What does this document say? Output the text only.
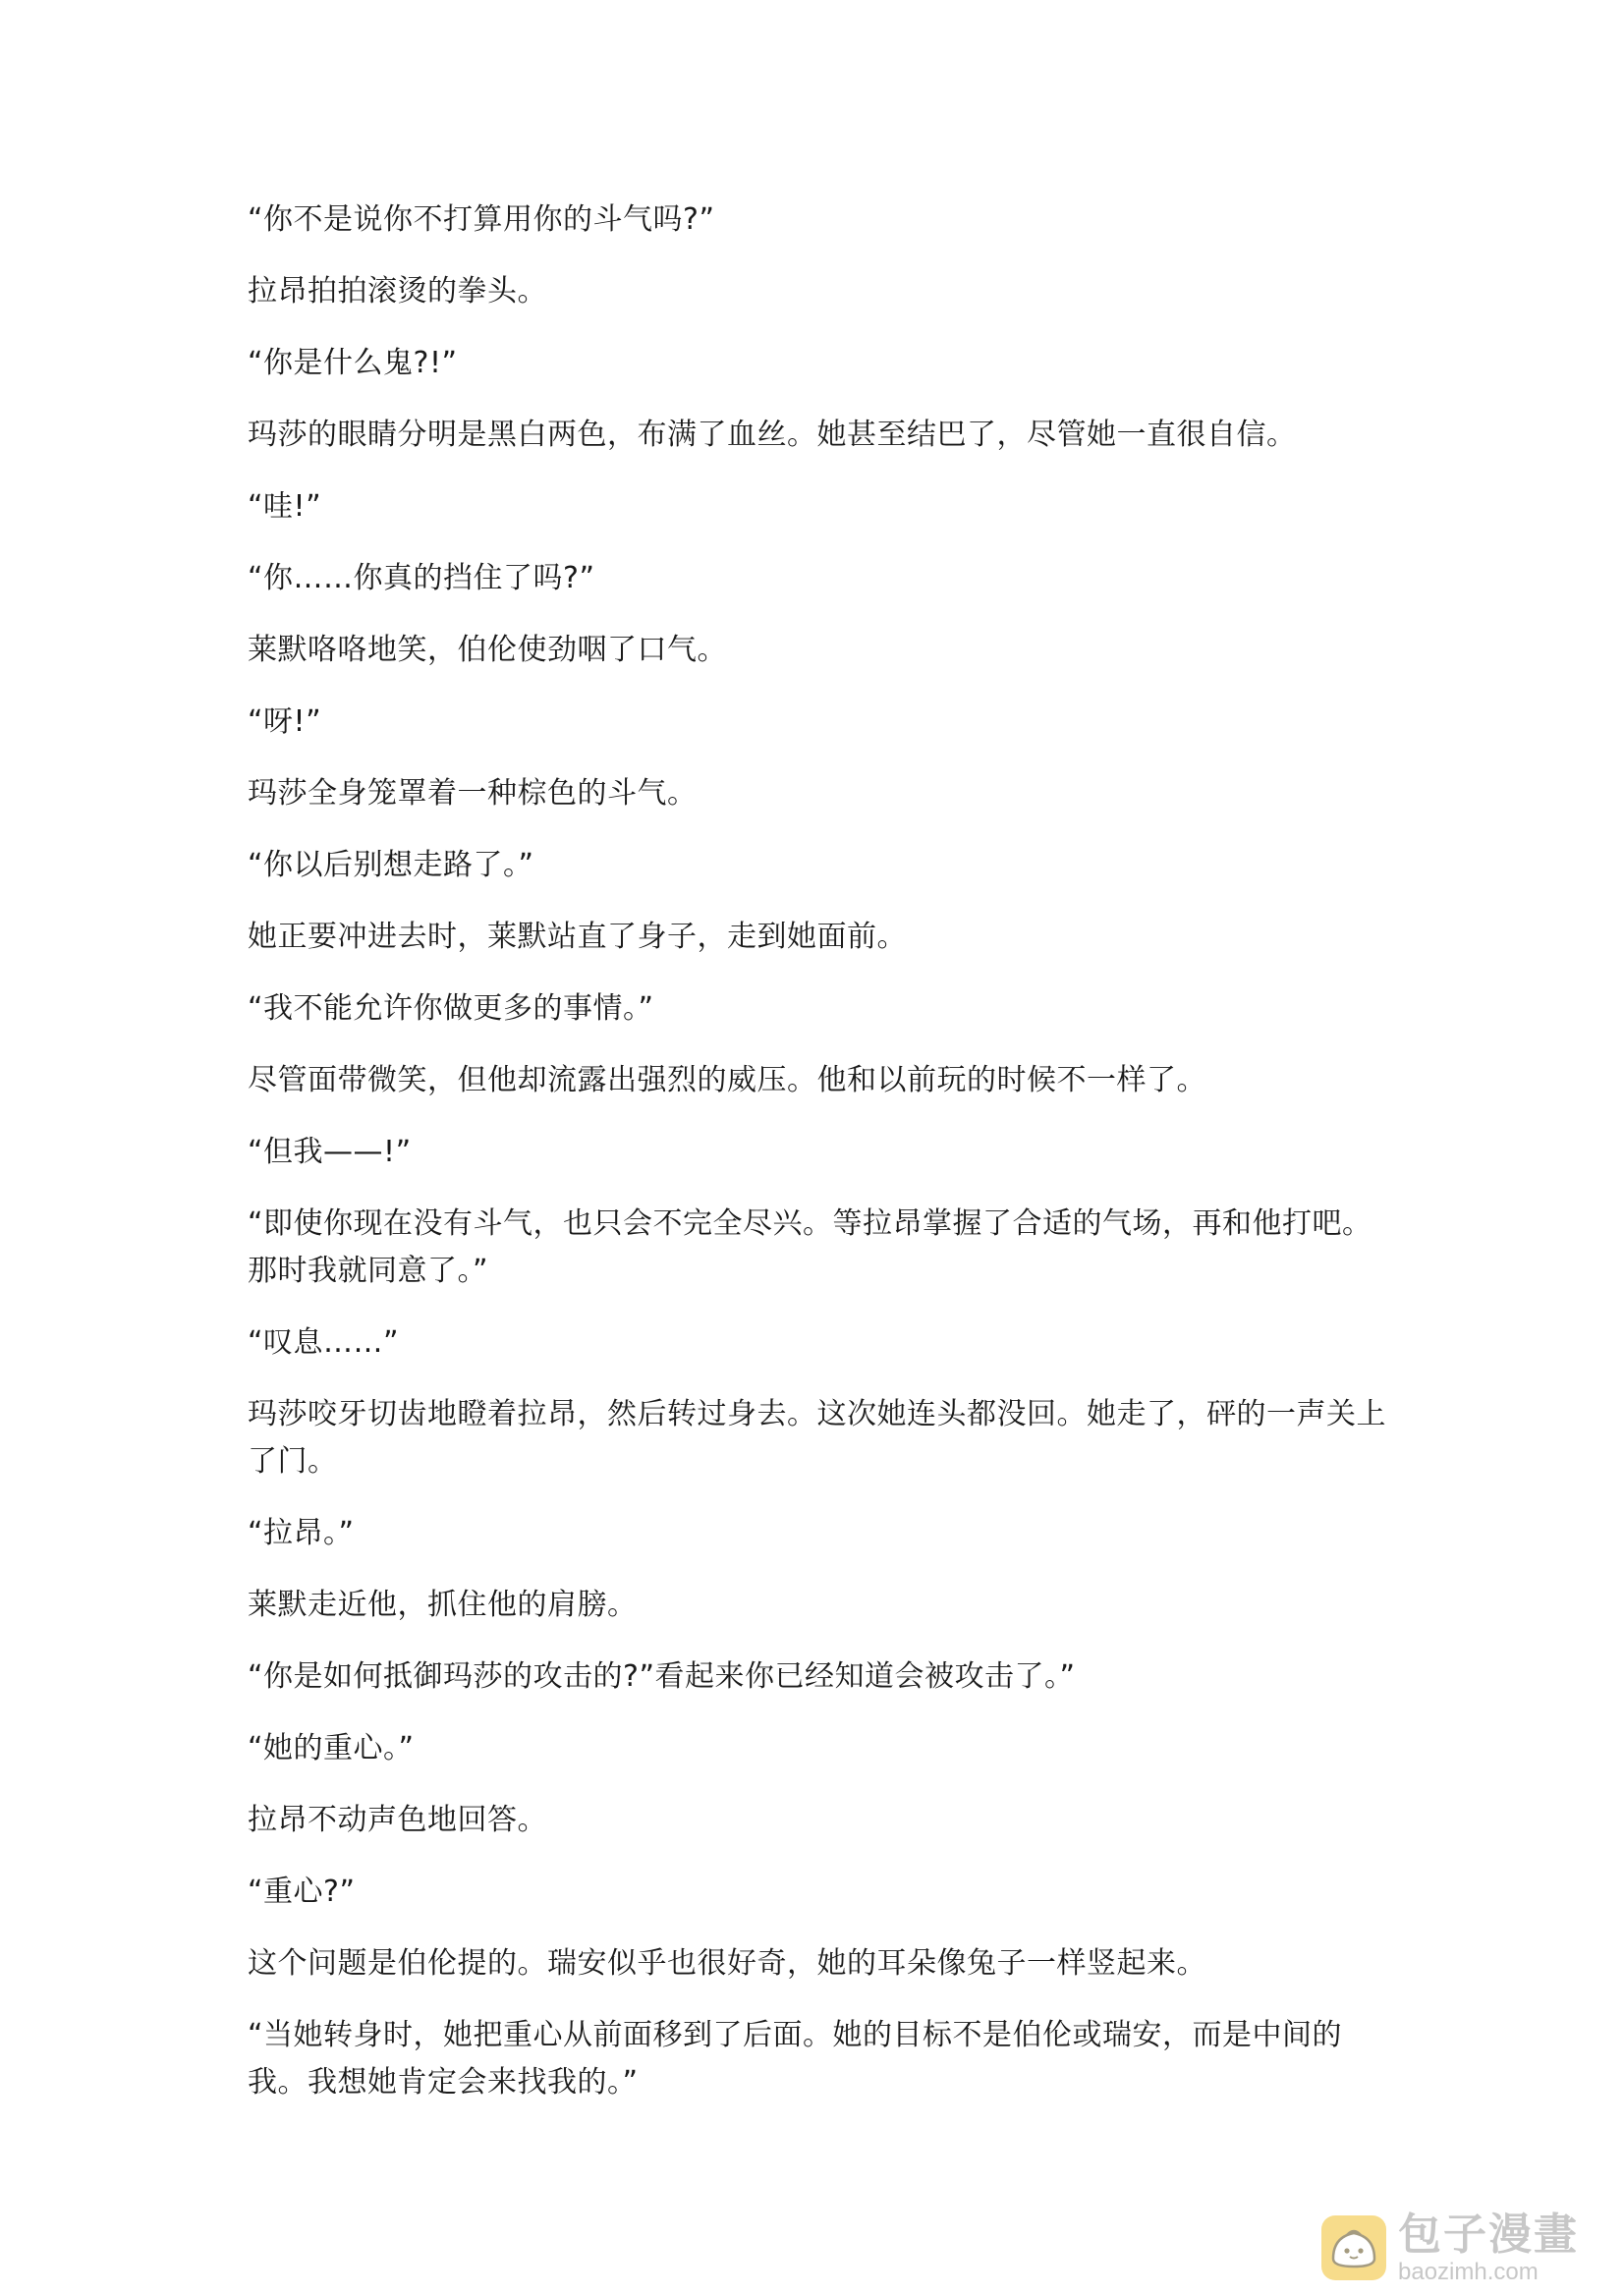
“你不是说你不打算用你的斗气吗?”

拉昂拍拍滚烫的拳头。

“你是什么鬼?!”

玛莎的眼睛分明是黑白两色，布满了血丝。她甚至结巴了，尽管她一直很自信。

“哇!”

“你……你真的挡住了吗?”

莱默咯咯地笑，伯伦使劲咽了口气。

“呀!”

玛莎全身笼罩着一种棕色的斗气。

“你以后别想走路了。”

她正要冲进去时，莱默站直了身子，走到她面前。

“我不能允许你做更多的事情。”

尽管面带微笑，但他却流露出强烈的威压。他和以前玩的时候不一样了。

“但我——!”

“即使你现在没有斗气，也只会不完全尽兴。等拉昂掌握了合适的气场，再和他打吧。那时我就同意了。”

“叹息……”

玛莎咬牙切齿地瞪着拉昂，然后转过身去。这次她连头都没回。她走了，砰的一声关上了门。

“拉昂。”

莱默走近他，抓住他的肩膀。

“你是如何抵御玛莎的攻击的?”看起来你已经知道会被攻击了。”

“她的重心。”

拉昂不动声色地回答。

“重心?”

这个问题是伯伦提的。瑞安似乎也很好奇，她的耳朵像兔子一样竖起来。

“当她转身时，她把重心从前面移到了后面。她的目标不是伯伦或瑞安，而是中间的我。我想她肯定会来找我的。”

包子漫畫
baozimh.com
